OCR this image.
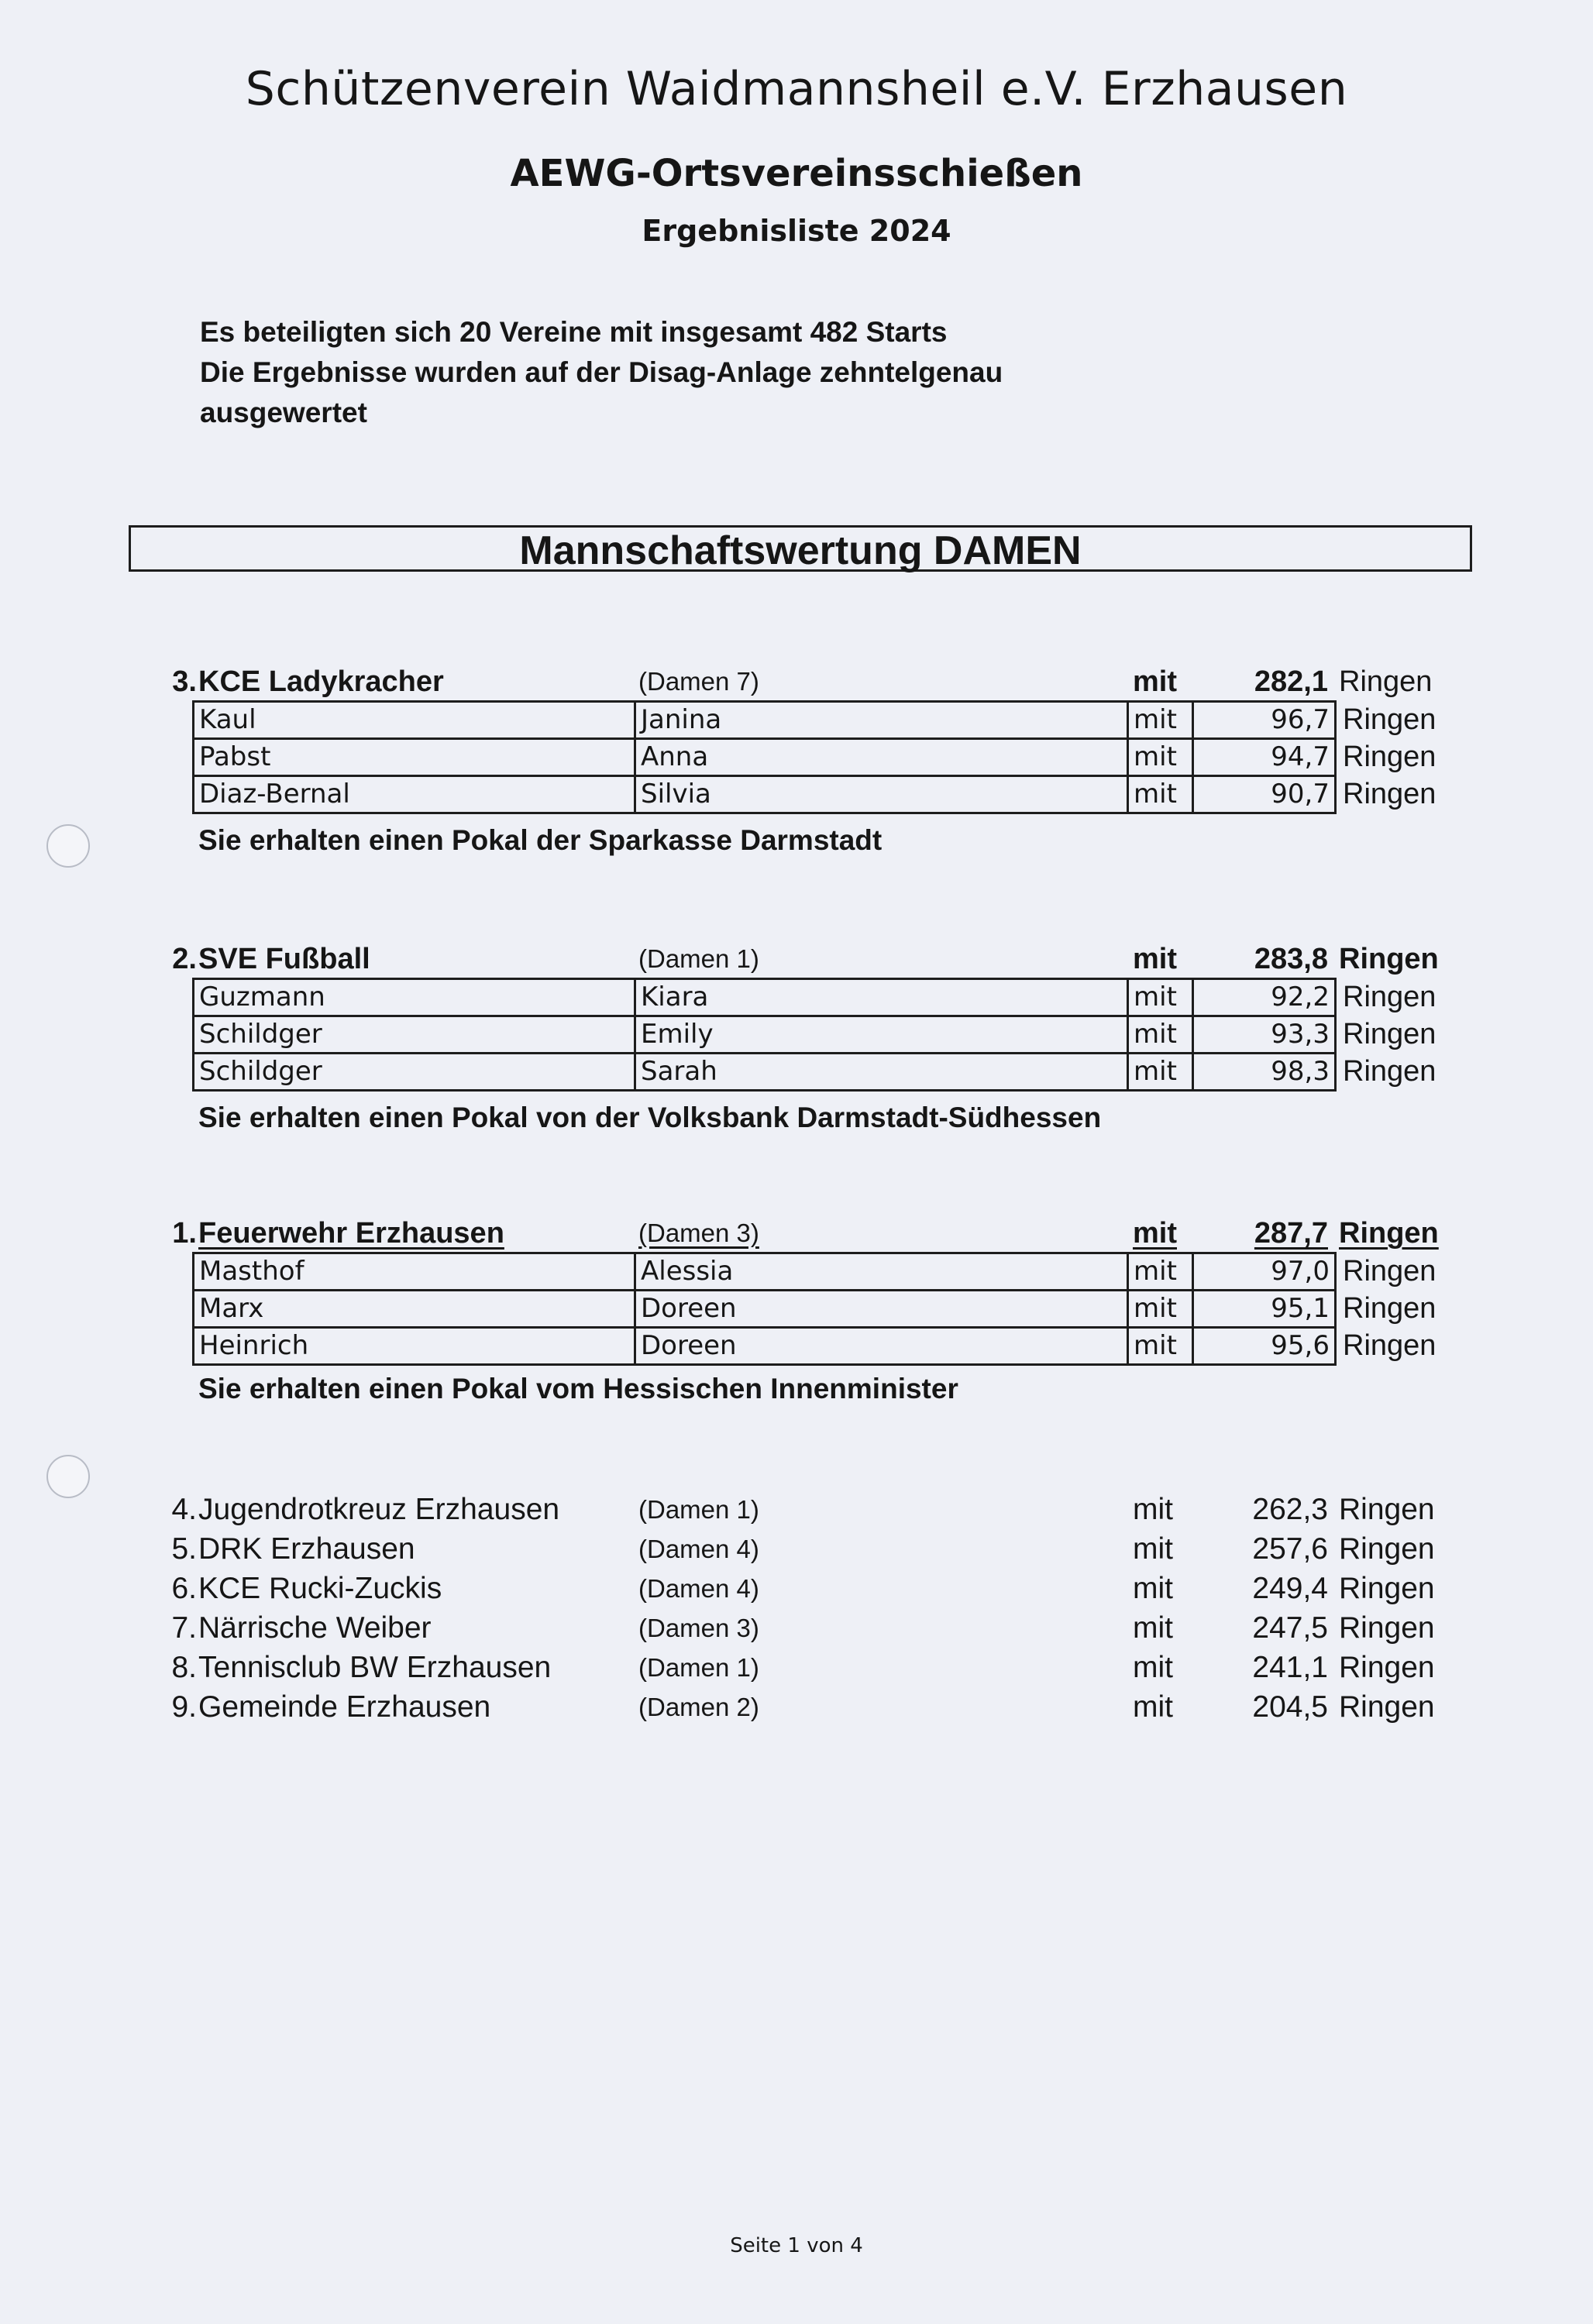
Schützenverein Waidmannsheil e.V. Erzhausen
AEWG-Ortsvereinsschießen
Ergebnisliste 2024
Es beteiligten sich 20 Vereine mit insgesamt 482 Starts
Die Ergebnisse wurden auf der Disag-Anlage zehntelgenau
ausgewertet
Mannschaftswertung DAMEN
3. KCE Ladykracher	(Damen 7)	mit	282,1 Ringen
Kaul	Janina	mit	96,7	Ringen
Pabst	Anna	mit	94,7	Ringen
Diaz-Bernal	Silvia	mit	90,7	Ringen
Sie erhalten einen Pokal der Sparkasse Darmstadt
2. SVE Fußball	(Damen 1)	mit	283,8 Ringen
Guzmann	Kiara	mit	92,2	Ringen
Schildger	Emily	mit	93,3	Ringen
Schildger	Sarah	mit	98,3	Ringen
Sie erhalten einen Pokal von der Volksbank Darmstadt-Südhessen
1. Feuerwehr Erzhausen	(Damen 3)	mit	287,7 Ringen
Masthof	Alessia	mit	97,0	Ringen
Marx	Doreen	mit	95,1	Ringen
Heinrich	Doreen	mit	95,6	Ringen
Sie erhalten einen Pokal vom Hessischen Innenminister
4. Jugendrotkreuz Erzhausen	(Damen 1)	mit	262,3 Ringen
5. DRK Erzhausen	(Damen 4)	mit	257,6 Ringen
6. KCE Rucki-Zuckis	(Damen 4)	mit	249,4 Ringen
7. Närrische Weiber	(Damen 3)	mit	247,5 Ringen
8. Tennisclub BW Erzhausen	(Damen 1)	mit	241,1 Ringen
9. Gemeinde Erzhausen	(Damen 2)	mit	204,5 Ringen
Seite 1 von 4
